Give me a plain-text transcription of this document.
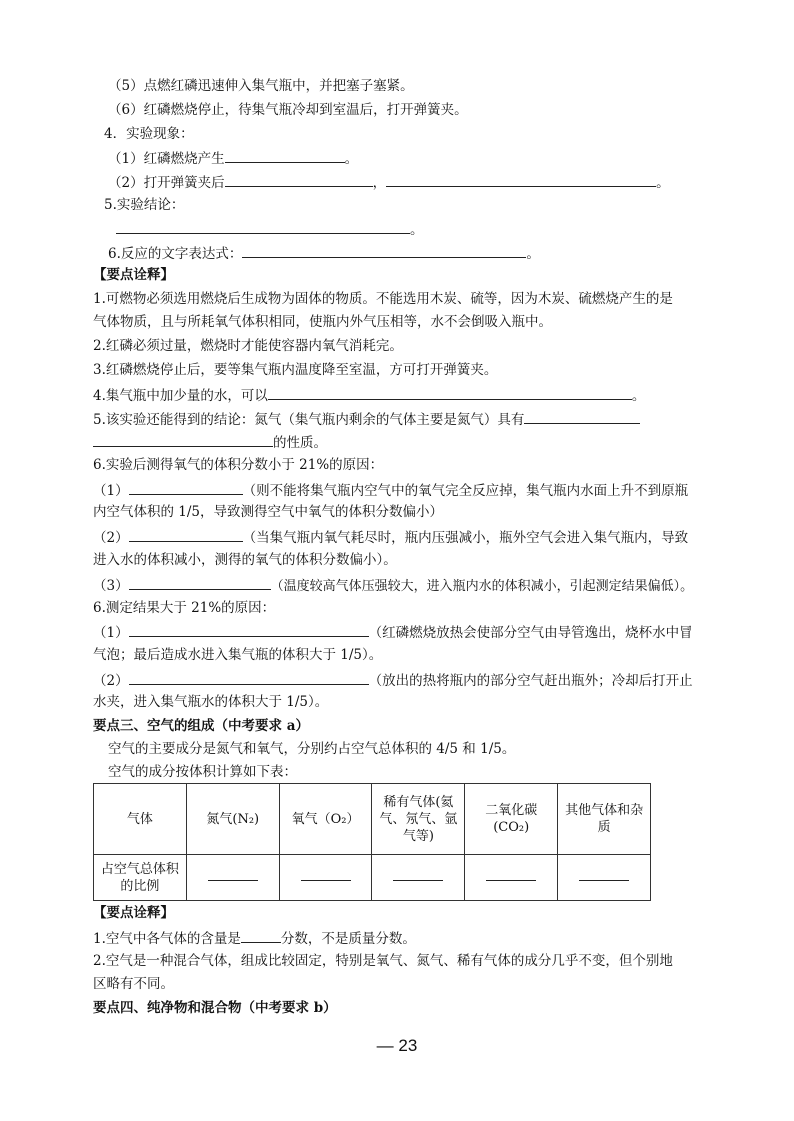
（5）点燃红磷迅速伸入集气瓶中，并把塞子塞紧。
（6）红磷燃烧停止，待集气瓶冷却到室温后，打开弹簧夹。
4．实验现象：
（1）红磷燃烧产生	。
（2）打开弹簧夹后	，	。
5.实验结论：
。
6.反应的文字表达式：	。
【要点诠释】
1.可燃物必须选用燃烧后生成物为固体的物质。不能选用木炭、硫等，因为木炭、硫燃烧产生的是
气体物质，且与所耗氧气体积相同，使瓶内外气压相等，水不会倒吸入瓶中。
2.红磷必须过量，燃烧时才能使容器内氧气消耗完。
3.红磷燃烧停止后，要等集气瓶内温度降至室温，方可打开弹簧夹。
4.集气瓶中加少量的水，可以	。
5.该实验还能得到的结论：氮气（集气瓶内剩余的气体主要是氮气）具有
的性质。
6.实验后测得氧气的体积分数小于 21%的原因：
（1）	（则不能将集气瓶内空气中的氧气完全反应掉，集气瓶内水面上升不到原瓶
内空气体积的 1/5，导致测得空气中氧气的体积分数偏小）
（2）	（当集气瓶内氧气耗尽时，瓶内压强减小，瓶外空气会进入集气瓶内，导致
进入水的体积减小，测得的氧气的体积分数偏小）。
（3）	（温度较高气体压强较大，进入瓶内水的体积减小，引起测定结果偏低）。
6.测定结果大于 21%的原因：
（1）	（红磷燃烧放热会使部分空气由导管逸出，烧杯水中冒
气泡；最后造成水进入集气瓶的体积大于 1/5）。
（2）	（放出的热将瓶内的部分空气赶出瓶外；冷却后打开止
水夹，进入集气瓶水的体积大于 1/5）。
要点三、空气的组成（中考要求 a）
空气的主要成分是氮气和氧气，分别约占空气总体积的 4/5 和 1/5。
空气的成分按体积计算如下表：
气体	氮气(N₂)	氧气（O₂）	稀有气体(氦气、氖气、氩气等)	二氧化碳(CO₂)	其他气体和杂质
占空气总体积的比例					
【要点诠释】
1.空气中各气体的含量是	分数，不是质量分数。
2.空气是一种混合气体，组成比较固定，特别是氧气、氮气、稀有气体的成分几乎不变，但个别地
区略有不同。
要点四、纯净物和混合物（中考要求 b）
— 23
